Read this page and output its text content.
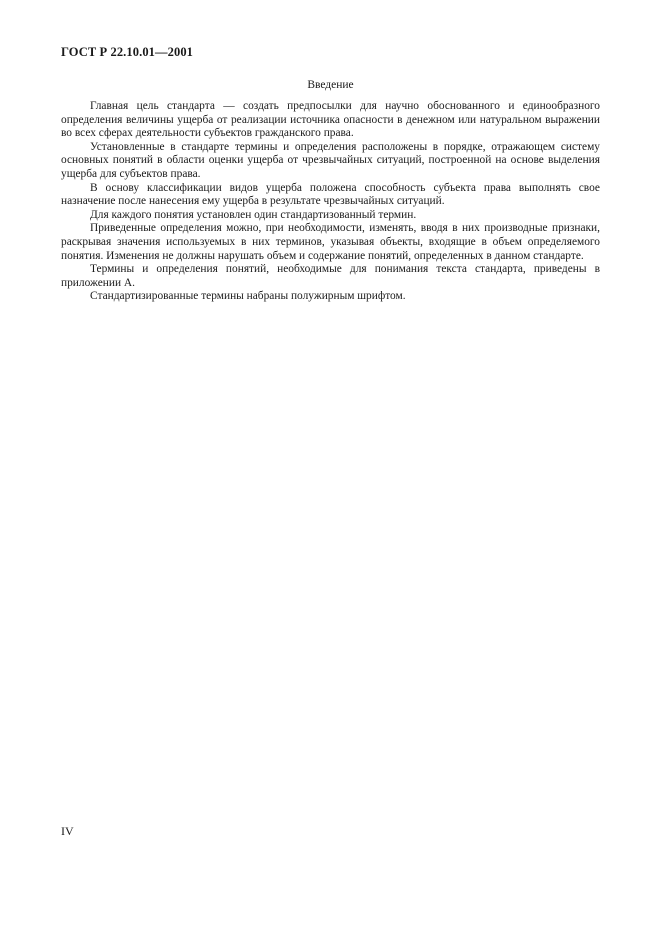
ГОСТ Р 22.10.01—2001
Введение

Главная цель стандарта — создать предпосылки для научно обоснованного и единообразного определения величины ущерба от реализации источника опасности в денежном или натуральном выражении во всех сферах деятельности субъектов гражданского права.

Установленные в стандарте термины и определения расположены в порядке, отражающем систему основных понятий в области оценки ущерба от чрезвычайных ситуаций, построенной на основе выделения ущерба для субъектов права.

В основу классификации видов ущерба положена способность субъекта права выполнять свое назначение после нанесения ему ущерба в результате чрезвычайных ситуаций.

Для каждого понятия установлен один стандартизованный термин.

Приведенные определения можно, при необходимости, изменять, вводя в них производные признаки, раскрывая значения используемых в них терминов, указывая объекты, входящие в объем определяемого понятия. Изменения не должны нарушать объем и содержание понятий, определенных в данном стандарте.

Термины и определения понятий, необходимые для понимания текста стандарта, приведены в приложении А.

Стандартизированные термины набраны полужирным шрифтом.

IV
